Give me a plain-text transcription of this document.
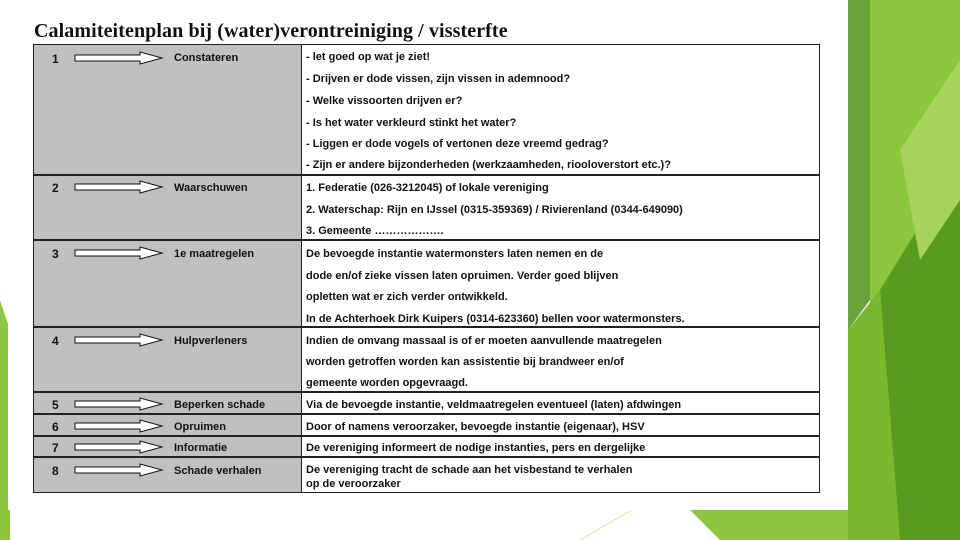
Calamiteitenplan bij (water)verontreiniging / vissterfte
1	Constateren	- let goed op wat je ziet!
- Drijven er dode vissen, zijn vissen in ademnood?
- Welke vissoorten drijven er?
- Is het water verkleurd stinkt het water?
- Liggen er dode vogels of vertonen deze vreemd gedrag?
- Zijn er andere bijzonderheden (werkzaamheden, riooloverstort etc.)?
2	Waarschuwen	1. Federatie (026-3212045) of lokale vereniging
2. Waterschap: Rijn en IJssel (0315-359369) / Rivierenland (0344-649090)
3. Gemeente ……………….
3	1e maatregelen	De bevoegde instantie watermonsters laten nemen en de
dode en/of zieke vissen laten opruimen. Verder goed blijven
opletten wat er zich verder ontwikkeld.
In de Achterhoek Dirk Kuipers (0314-623360) bellen voor watermonsters.
4	Hulpverleners	Indien de omvang massaal is of er moeten aanvullende maatregelen
worden getroffen worden kan assistentie bij brandweer en/of
gemeente worden opgevraagd.
5	Beperken schade	Via de bevoegde instantie, veldmaatregelen eventueel (laten) afdwingen
6	Opruimen	Door of namens veroorzaker, bevoegde instantie (eigenaar), HSV
7	Informatie	De vereniging informeert de nodige instanties, pers en dergelijke
8	Schade verhalen	De vereniging tracht de schade aan het visbestand te verhalen
op de veroorzaker
